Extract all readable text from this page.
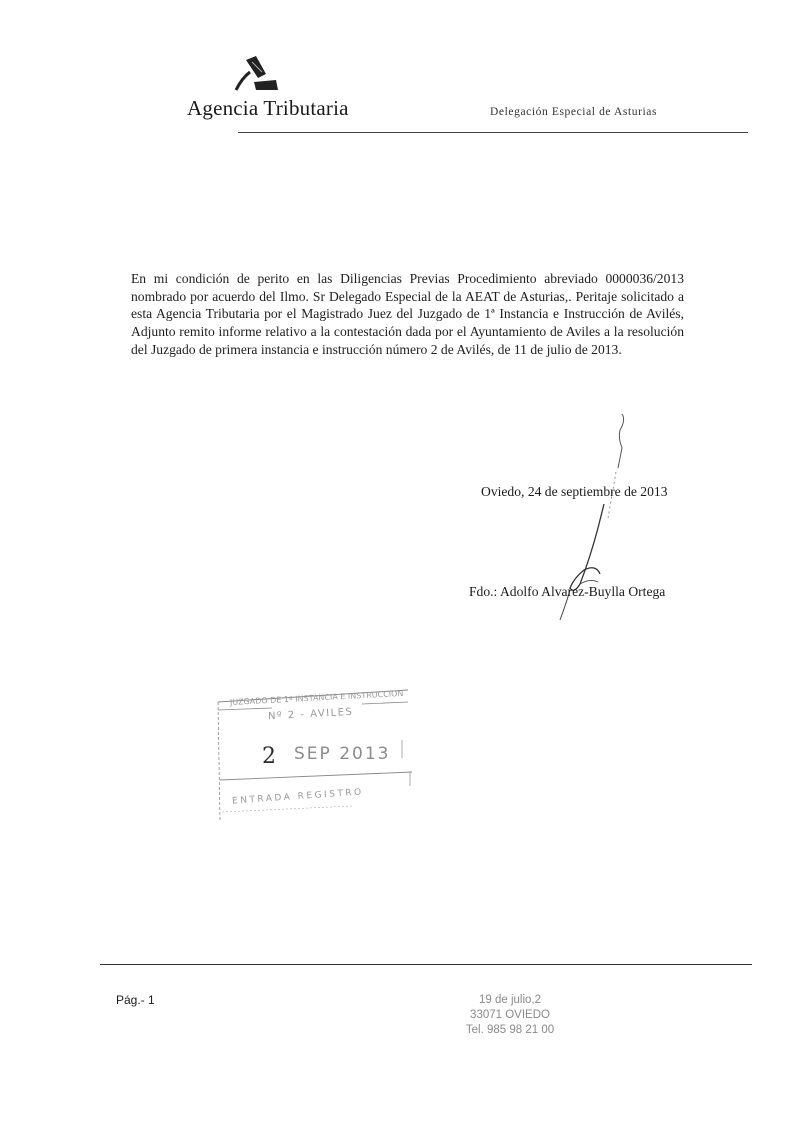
Agencia Tributaria	Delegación Especial de Asturias
En mi condición de perito en las Diligencias Previas Procedimiento abreviado 0000036/2013 nombrado por acuerdo del Ilmo. Sr Delegado Especial de la AEAT de Asturias,. Peritaje solicitado a esta Agencia Tributaria por el Magistrado Juez del Juzgado de 1ª Instancia e Instrucción de Avilés, Adjunto remito informe relativo a la contestación dada por el Ayuntamiento de Aviles a la resolución del Juzgado de primera instancia e instrucción número 2 de Avilés, de 11 de julio de 2013.
Oviedo, 24 de septiembre de 2013
Fdo.: Adolfo Alvarez-Buylla Ortega
JUZGADO DE 1ª INSTANCIA E INSTRUCCION
Nº 2 - AVILES
2 SEP 2013
ENTRADA REGISTRO
Pág.- 1	19 de julio,2
33071 OVIEDO
Tel. 985 98 21 00
